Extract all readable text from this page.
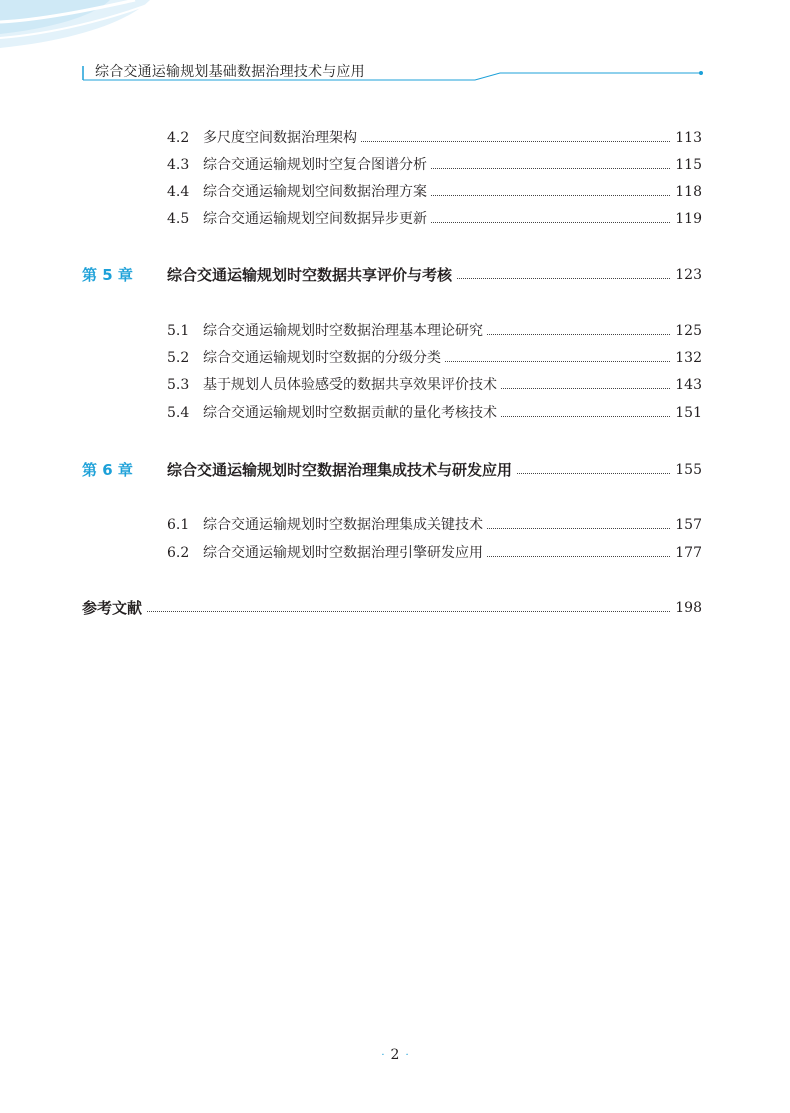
综合交通运输规划基础数据治理技术与应用
4.2 多尺度空间数据治理架构	113
4.3 综合交通运输规划时空复合图谱分析	115
4.4 综合交通运输规划空间数据治理方案	118
4.5 综合交通运输规划空间数据异步更新	119
第 5 章 综合交通运输规划时空数据共享评价与考核	123
5.1 综合交通运输规划时空数据治理基本理论研究	125
5.2 综合交通运输规划时空数据的分级分类	132
5.3 基于规划人员体验感受的数据共享效果评价技术	143
5.4 综合交通运输规划时空数据贡献的量化考核技术	151
第 6 章 综合交通运输规划时空数据治理集成技术与研发应用	155
6.1 综合交通运输规划时空数据治理集成关键技术	157
6.2 综合交通运输规划时空数据治理引擎研发应用	177
参考文献	198
· 2 ·
